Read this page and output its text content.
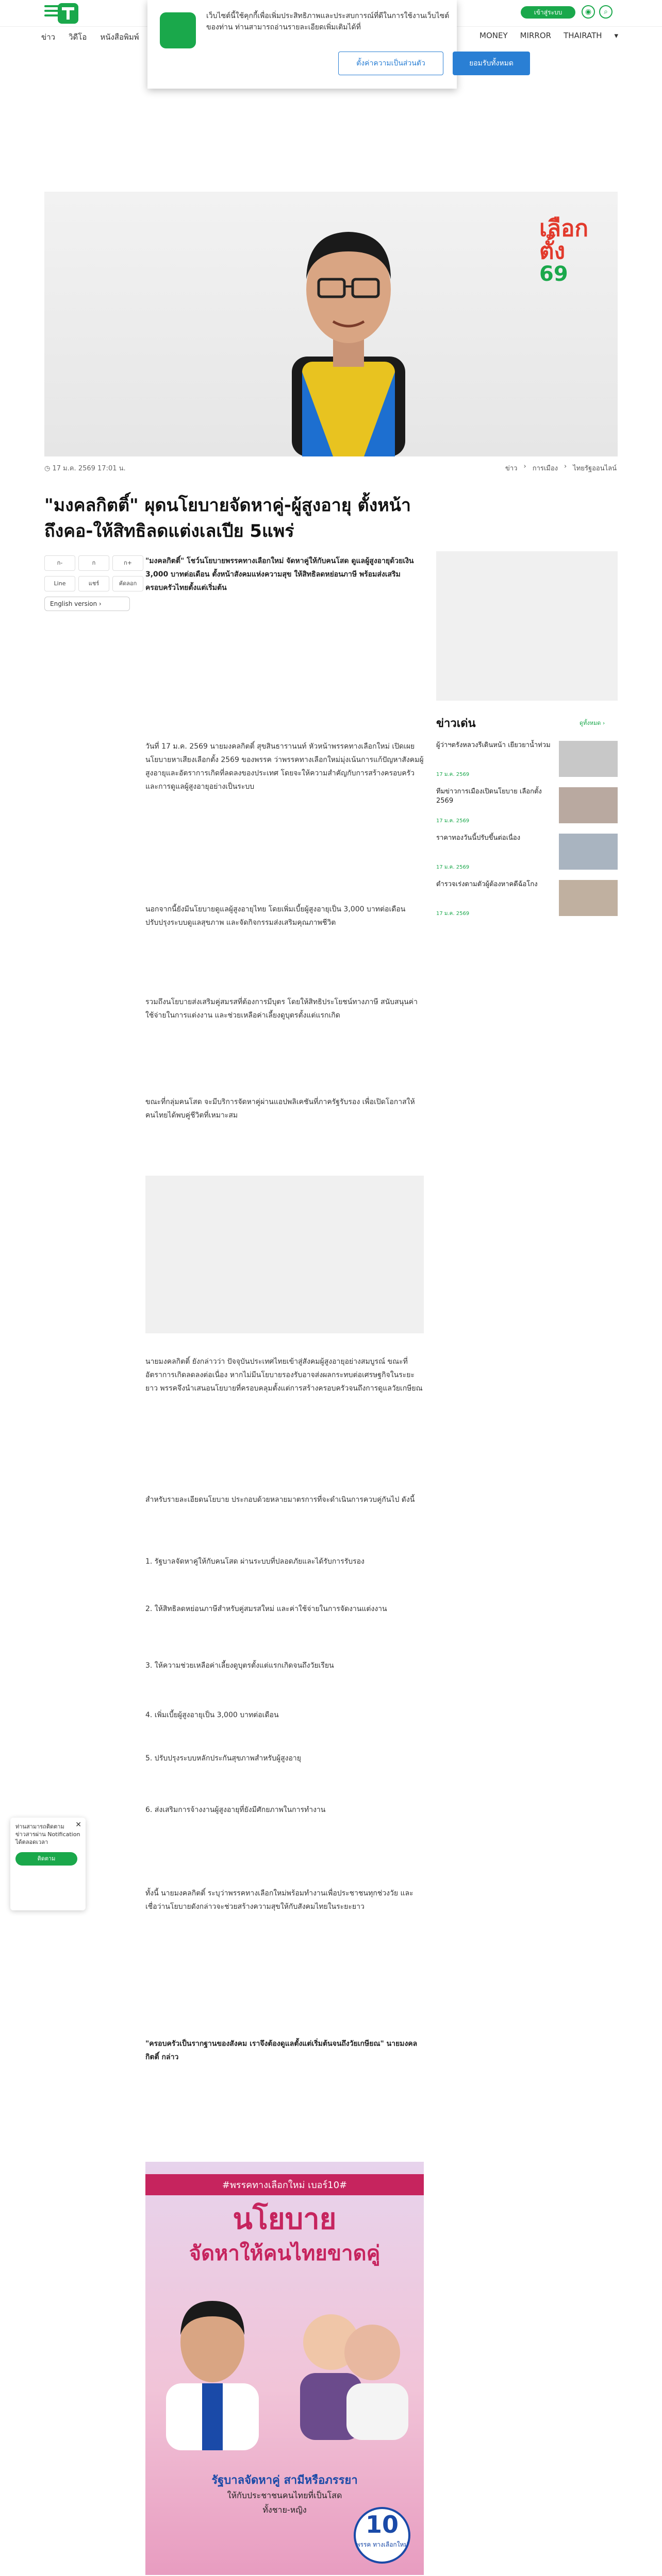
เข้าสู่ระบบ	◉	⌕
ข่าว วิดีโอ หนังสือพิมพ์	MONEY MIRROR THAIRATH ▾
เว็บไซต์นี้ใช้คุกกี้เพื่อเพิ่มประสิทธิภาพและประสบการณ์ที่ดีในการใช้งานเว็บไซต์ของท่าน ท่านสามารถอ่านรายละเอียดเพิ่มเติมได้ที่
ตั้งค่าความเป็นส่วนตัว	ยอมรับทั้งหมด
เลือกตั้ง
69
◷ 17 ม.ค. 2569 17:01 น.	ข่าว › การเมือง › ไทยรัฐออนไลน์
"มงคลกิตติ์" ผุดนโยบายจัดหาคู่-ผู้สูงอายุ ตั้งหน้าถึงคอ-ให้สิทธิลดแต่งเลเปีย 5แพร่
ก-	ก	ก+
Line	แชร์	คัดลอก
English version ›
"มงคลกิตติ์" โชว์นโยบายพรรคทางเลือกใหม่ จัดหาคู่ให้กับคนโสด ดูแลผู้สูงอายุด้วยเงิน 3,000 บาทต่อเดือน ตั้งหน้าสังคมแห่งความสุข ให้สิทธิลดหย่อนภาษี พร้อมส่งเสริมครอบครัวไทยตั้งแต่เริ่มต้น

วันที่ 17 ม.ค. 2569 นายมงคลกิตติ์ สุขสินธารานนท์ หัวหน้าพรรคทางเลือกใหม่ เปิดเผยนโยบายหาเสียงเลือกตั้ง 2569 ของพรรค ว่าพรรคทางเลือกใหม่มุ่งเน้นการแก้ปัญหาสังคมผู้สูงอายุและอัตราการเกิดที่ลดลงของประเทศ โดยจะให้ความสำคัญกับการสร้างครอบครัวและการดูแลผู้สูงอายุอย่างเป็นระบบ

นอกจากนี้ยังมีนโยบายดูแลผู้สูงอายุไทย โดยเพิ่มเบี้ยผู้สูงอายุเป็น 3,000 บาทต่อเดือน ปรับปรุงระบบดูแลสุขภาพ และจัดกิจกรรมส่งเสริมคุณภาพชีวิต

รวมถึงนโยบายส่งเสริมคู่สมรสที่ต้องการมีบุตร โดยให้สิทธิประโยชน์ทางภาษี สนับสนุนค่าใช้จ่ายในการแต่งงาน และช่วยเหลือค่าเลี้ยงดูบุตรตั้งแต่แรกเกิด

ขณะที่กลุ่มคนโสด จะมีบริการจัดหาคู่ผ่านแอปพลิเคชันที่ภาครัฐรับรอง เพื่อเปิดโอกาสให้คนไทยได้พบคู่ชีวิตที่เหมาะสม

นายมงคลกิตติ์ ยังกล่าวว่า ปัจจุบันประเทศไทยเข้าสู่สังคมผู้สูงอายุอย่างสมบูรณ์ ขณะที่อัตราการเกิดลดลงต่อเนื่อง หากไม่มีนโยบายรองรับอาจส่งผลกระทบต่อเศรษฐกิจในระยะยาว พรรคจึงนำเสนอนโยบายที่ครอบคลุมตั้งแต่การสร้างครอบครัวจนถึงการดูแลวัยเกษียณ

สำหรับรายละเอียดนโยบาย ประกอบด้วยหลายมาตรการที่จะดำเนินการควบคู่กันไป ดังนี้

1. รัฐบาลจัดหาคู่ให้กับคนโสด ผ่านระบบที่ปลอดภัยและได้รับการรับรอง

2. ให้สิทธิลดหย่อนภาษีสำหรับคู่สมรสใหม่ และค่าใช้จ่ายในการจัดงานแต่งงาน

3. ให้ความช่วยเหลือค่าเลี้ยงดูบุตรตั้งแต่แรกเกิดจนถึงวัยเรียน

4. เพิ่มเบี้ยผู้สูงอายุเป็น 3,000 บาทต่อเดือน

5. ปรับปรุงระบบหลักประกันสุขภาพสำหรับผู้สูงอายุ

6. ส่งเสริมการจ้างงานผู้สูงอายุที่ยังมีศักยภาพในการทำงาน

ทั้งนี้ นายมงคลกิตติ์ ระบุว่าพรรคทางเลือกใหม่พร้อมทำงานเพื่อประชาชนทุกช่วงวัย และเชื่อว่านโยบายดังกล่าวจะช่วยสร้างความสุขให้กับสังคมไทยในระยะยาว

"ครอบครัวเป็นรากฐานของสังคม เราจึงต้องดูแลตั้งแต่เริ่มต้นจนถึงวัยเกษียณ" นายมงคลกิตติ์ กล่าว

ข่าวเด่น	ดูทั้งหมด ›
ผู้ว่าฯตรังหลวงรีเดินหน้า เยียวยาน้ำท่วม
17 ม.ค. 2569
ทีมข่าวการเมืองเปิดนโยบาย เลือกตั้ง 2569
17 ม.ค. 2569
ราคาทองวันนี้ปรับขึ้นต่อเนื่อง
17 ม.ค. 2569
ตำรวจเร่งตามตัวผู้ต้องหาคดีฉ้อโกง
17 ม.ค. 2569
✕
ท่านสามารถติดตามข่าวสารผ่าน Notification ได้ตลอดเวลา
ติดตาม
#พรรคทางเลือกใหม่ เบอร์10#
นโยบาย
จัดหาให้คนไทยขาดคู่
รัฐบาลจัดหาคู่ สามีหรือภรรยา
ให้กับประชาชนคนไทยที่เป็นโสด
ทั้งชาย-หญิง
10
พรรค ทางเลือกใหม่
